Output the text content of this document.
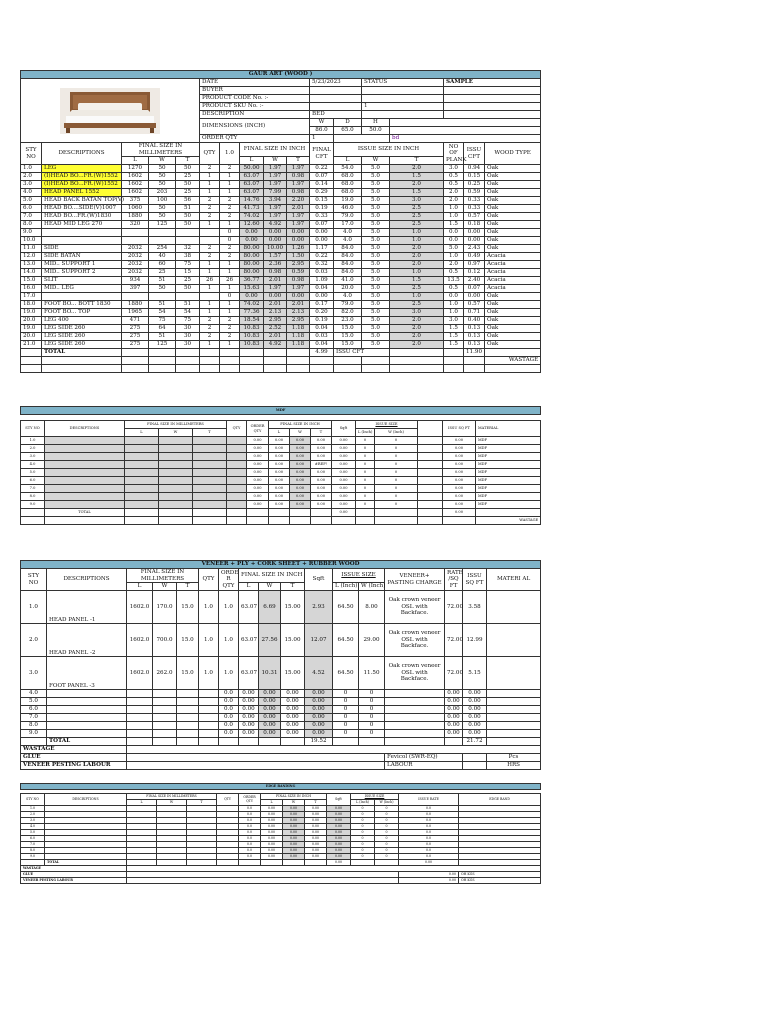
GAUR ART (WOOD )																

	DATE					5/23/2023		STATUS		SAMPLE		
					BUYER											
					PRODUCT CODE No. :-											
					PRODUCT SKU No. :-							1				
					DESCRIPTION					BED						
					DIMENSIONS (INCH)					W	D	H				
										86.0	65.0	50.0				
					ORDER QTY					1			bd			
STY NO	DESCRIPTIONS	FINAL SIZE IN MILLIMETERS			QTY	1.0	FINAL SIZE IN INCH			FINAL CFT	ISSUE SIZE IN INCH			NO OF PLANK	ISSU CFT	WOOD TYPE
		L	W	T			L	W	T		L	W	T			
1.0	LEG	1270	50	50	2	2	50.00	1.97	1.97	0.22	54.0	5.0	2.0	3.0	0.94	Oak
2.0	(I)HEAD BO...FR.(W)1552	1602	50	25	1	1	63.07	1.97	0.98	0.07	68.0	5.0	1.5	0.5	0.15	Oak
3.0	(I)HEAD BO...FR.(W)1552	1602	50	50	1	1	63.07	1.97	1.97	0.14	68.0	5.0	2.0	0.5	0.25	Oak
4.0	HEAD PANEL 1552	1602	203	25	1	1	63.07	7.99	0.98	0.29	68.0	5.0	1.5	2.0	0.59	Oak
5.0	HEAD BACK BATAN TOP(V)	375	100	56	2	2	14.76	3.94	2.20	0.15	19.0	5.0	3.0	2.0	0.33	Oak
6.0	HEAD BO....SIDE(V)1007	1060	50	51	2	2	41.73	1.97	2.01	0.19	46.0	5.0	2.5	1.0	0.33	Oak
7.0	HEAD BO...FR.(W)1830	1880	50	50	2	2	74.02	1.97	1.97	0.33	79.0	5.0	2.5	1.0	0.57	Oak
8.0	HEAD MID LEG 270	320	125	50	1	1	12.60	4.92	1.97	0.07	17.0	5.0	2.5	1.5	0.18	Oak
9.0						0	0.00	0.00	0.00	0.00	4.0	5.0	1.0	0.0	0.00	Oak
10.0						0	0.00	0.00	0.00	0.00	4.0	5.0	1.0	0.0	0.00	Oak
11.0	SIDE	2032	254	32	2	2	80.00	10.00	1.26	1.17	84.0	5.0	2.0	5.0	2.43	Oak
12.0	SIDE BATAN	2032	40	38	2	2	80.00	1.57	1.50	0.22	84.0	5.0	2.0	1.0	0.49	Acacia
13.0	MID.. SUPPORT 1	2032	60	75	1	1	80.00	2.36	2.95	0.32	84.0	5.0	2.0	2.0	0.97	Acacia
14.0	MID.. SUPPORT 2	2032	25	15	1	1	80.00	0.98	0.59	0.03	84.0	5.0	1.0	0.5	0.12	Acacia
15.0	SLIT	934	51	25	26	26	36.77	2.01	0.98	1.09	41.0	5.0	1.5	13.5	2.40	Acacia
16.0	MID.. LEG	397	50	50	1	1	15.63	1.97	1.97	0.04	20.0	5.0	2.5	0.5	0.07	Acacia
17.0						0	0.00	0.00	0.00	0.00	4.0	5.0	1.0	0.0	0.00	Oak
18.0	FOOT BO... BOTT 1830	1880	51	51	1	1	74.02	2.01	2.01	0.17	79.0	5.0	2.5	1.0	0.57	Oak
19.0	FOOT BO... TOP	1965	54	54	1	1	77.36	2.13	2.13	0.20	82.0	5.0	3.0	1.0	0.71	Oak
20.0	LEG 400	471	75	75	2	2	18.54	2.95	2.95	0.19	23.0	5.0	2.0	3.0	0.40	Oak
19.0	LEG SIDE 260	275	64	30	2	2	10.83	2.52	1.18	0.04	15.0	5.0	2.0	1.5	0.13	Oak
20.0	LEG SIDE 260	275	51	30	2	2	10.83	2.01	1.18	0.03	15.0	5.0	2.0	1.5	0.13	Oak
21.0	LEG SIDE 260	275	125	30	1	1	10.83	4.92	1.18	0.04	15.0	5.0	2.0	1.5	0.13	Oak
	TOTAL									4.99	ISSU CFT				11.90	
																WASTAGE

MDF															

STY NO	DESCRIPTIONS	FINAL SIZE IN MILLIMETERS			QTY	ORDER QTY	FINAL SIZE IN INCH			Sqft	ISSUE SIZE			ISSU SQ FT	MATERIAL
		L	W	T			L	W	T		L (Inch)	W (Inch)			
1.0						0.00	0.00	0.00	0.00	0.00	0	0		0.00	MDF
2.0						0.00	0.00	0.00	0.00	0.00	0	0		0.00	MDF
3.0						0.00	0.00	0.00	0.00	0.00	0	0		0.00	MDF
4.0						0.00	0.00	0.00	#REF!	0.00	0	0		0.00	MDF
5.0						0.00	0.00	0.00	0.00	0.00	0	0		0.00	MDF
6.0						0.00	0.00	0.00	0.00	0.00	0	0		0.00	MDF
7.0						0.00	0.00	0.00	0.00	0.00	0	0		0.00	MDF
8.0						0.00	0.00	0.00	0.00	0.00	0	0		0.00	MDF
9.0						0.00	0.00	0.00	0.00	0.00	0	0		0.00	MDF
	TOTAL									0.00				0.00	
															WASTAGE
VENEER + PLY + CORK SHEET + RUBBER WOOD																
STY NO	DESCRIPTIONS	FINAL SIZE IN MILLIMETERS			QTY	ORDE R QTY	FINAL SIZE IN INCH			Sqft	ISSUE SIZE		VENEER+ PASTING CHARGE	RATE /SQ FT	ISSU SQ FT	MATERI AL
		L	W	T			L	W	T		L (Inch)	W (Inch)				
1.0	HEAD PANEL -1	1602.0	170.0	15.0	1.0	1.0	63.07	6.69	15.00	2.93	64.50	8.00	Oak crown veneer OSL with Backface.	72.00	3.58	
2.0	HEAD PANEL -2	1602.0	700.0	15.0	1.0	1.0	63.07	27.56	15.00	12.07	64.50	29.00	Oak crown veneer OSL with Backface.	72.00	12.99	
3.0	FOOT PANEL -3	1602.0	262.0	15.0	1.0	1.0	63.07	10.31	15.00	4.52	64.50	11.50	Oak crown veneer OSL with Backface.	72.00	5.15	
4.0						0.0	0.00	0.00	0.00	0.00	0	0		0.00	0.00	
5.0						0.0	0.00	0.00	0.00	0.00	0	0		0.00	0.00	
6.0						0.0	0.00	0.00	0.00	0.00	0	0		0.00	0.00	
7.0						0.0	0.00	0.00	0.00	0.00	0	0		0.00	0.00	
8.0						0.0	0.00	0.00	0.00	0.00	0	0		0.00	0.00	
9.0						0.0	0.00	0.00	0.00	0.00	0	0		0.00	0.00	
	TOTAL									19.52					21.72	
WASTAGE																
GLUE													Fevicol (SWR-EQ)			Pcs
VENEER PESTING LABOUR													LABOUR			HRS
EDGE BANDING														

STY NO	DESCRIPTIONS	FINAL SIZE IN MILLIMETERS			QTY	ORDER QTY	FINAL SIZE IN INCH			Sqft	ISSUE SIZE		ISSUE RATE	EDGE BAND
		L	W	T			L	W	T		L (Inch)	W (Inch)		
1.0						0.0	0.00	0.00	0.00	0.00	0	0	0.0	
2.0						0.0	0.00	0.00	0.00	0.00	0	0	0.0	
3.0						0.0	0.00	0.00	0.00	0.00	0	0	0.0	
4.0						0.0	0.00	0.00	0.00	0.00	0	0	0.0	
5.0						0.0	0.00	0.00	0.00	0.00	0	0	0.0	
6.0						0.0	0.00	0.00	0.00	0.00	0	0	0.0	
7.0						0.0	0.00	0.00	0.00	0.00	0	0	0.0	
8.0						0.0	0.00	0.00	0.00	0.00	0	0	0.0	
9.0						0.0	0.00	0.00	0.00	0.00	0	0	0.0	
	TOTAL									0.00			0.00	
WASTAGE														
GLUE													0.00	OH KGS
VENEER PESTING LABOUR													0.00	OH KGS
